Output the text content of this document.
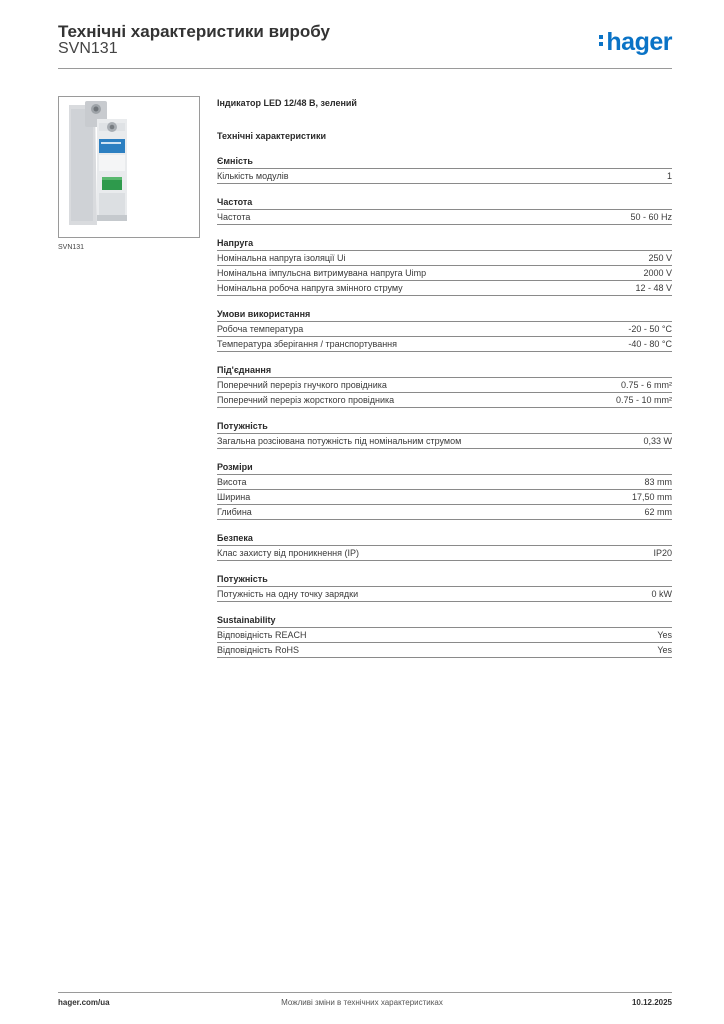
Технічні характеристики виробу
SVN131	hager
SVN131
Індикатор LED 12/48 В, зелений
Технічні характеристики
Ємність
Кількість модулів	1
Частота
Частота	50 - 60 Hz
Напруга
Номінальна напруга ізоляції Ui	250 V
Номінальна імпульсна витримувана напруга Uimp	2000 V
Номінальна робоча напруга змінного струму	12 - 48 V
Умови використання
Робоча температура	-20 - 50 °C
Температура зберігання / транспортування	-40 - 80 °C
Під'єднання
Поперечний переріз гнучкого провідника	0.75 - 6 mm²
Поперечний переріз жорсткого провідника	0.75 - 10 mm²
Потужність
Загальна розсіювана потужність під номінальним струмом	0,33 W
Розміри
Висота	83 mm
Ширина	17,50 mm
Глибина	62 mm
Безпека
Клас захисту від проникнення (IP)	IP20
Потужність
Потужність на одну точку зарядки	0 kW
Sustainability
Відповідність REACH	Yes
Відповідність RoHS	Yes
hager.com/ua	Можливі зміни в технічних характеристиках	10.12.2025
